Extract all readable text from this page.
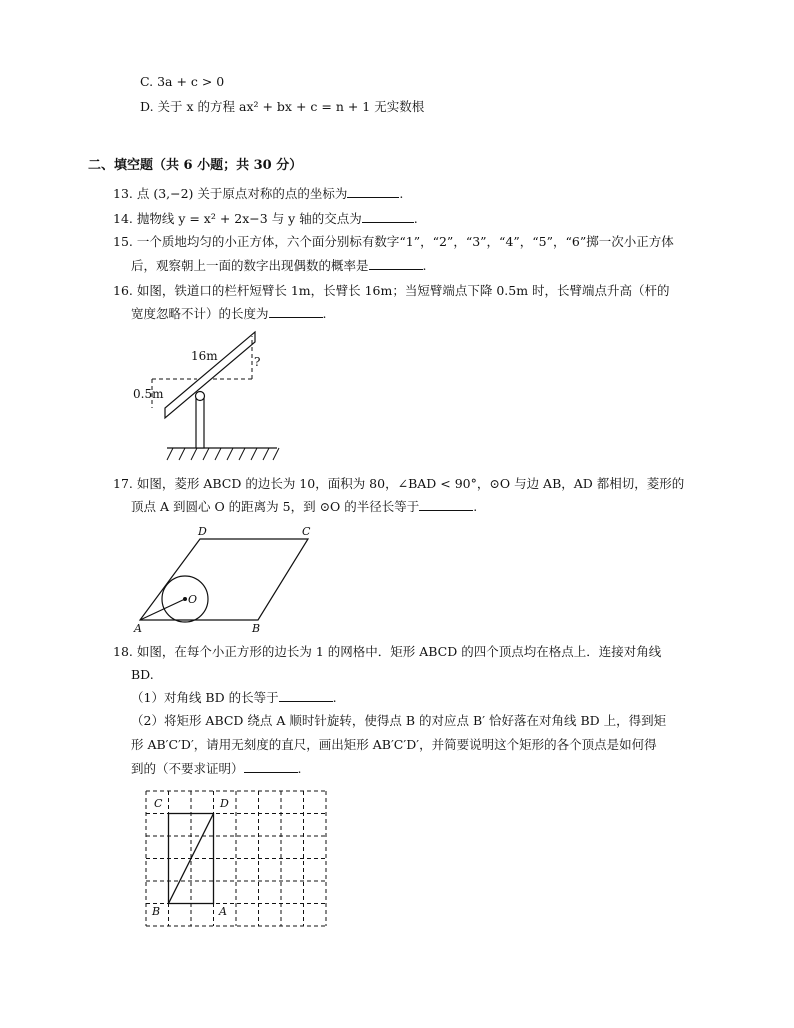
C. 3a + c > 0
D. 关于 x 的方程 ax² + bx + c = n + 1 无实数根
二、填空题（共 6 小题；共 30 分）
13. 点 (3,−2) 关于原点对称的点的坐标为	.
14. 抛物线 y = x² + 2x−3 与 y 轴的交点为	.
15. 一个质地均匀的小正方体，六个面分别标有数字“1”，“2”，“3”，“4”，“5”，“6”掷一次小正方体
后，观察朝上一面的数字出现偶数的概率是	.
16. 如图，铁道口的栏杆短臂长 1m，长臂长 16m；当短臂端点下降 0.5m 时，长臂端点升高（杆的
宽度忽略不计）的长度为	.
16m	?
0.5m
17. 如图，菱形 ABCD 的边长为 10，面积为 80，∠BAD < 90°，⊙O 与边 AB，AD 都相切，菱形的
顶点 A 到圆心 O 的距离为 5，到 ⊙O 的半径长等于	.
O
A	B
C
D
18. 如图，在每个小正方形的边长为 1 的网格中．矩形 ABCD 的四个顶点均在格点上．连接对角线
BD.
（1）对角线 BD 的长等于	.
（2）将矩形 ABCD 绕点 A 顺时针旋转，使得点 B 的对应点 B′ 恰好落在对角线 BD 上，得到矩
形 AB′C′D′，请用无刻度的直尺，画出矩形 AB′C′D′，并简要说明这个矩形的各个顶点是如何得
到的（不要求证明）	.
C	D
B	A
